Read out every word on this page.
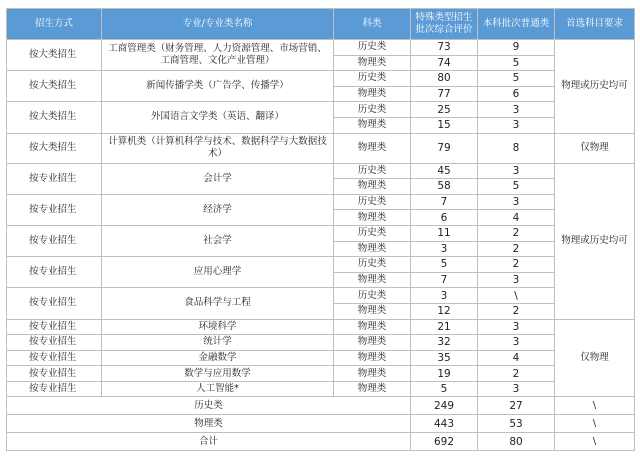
招生方式	专业/专业类名称	科类	特殊类型招生批次综合评价	本科批次普通类	首选科目要求
按大类招生	工商管理类（财务管理、人力资源管理、市场营销、工商管理、文化产业管理）	历史类	73	9	物理或历史均可
		物理类	74	5	
按大类招生	新闻传播学类（广告学、传播学）	历史类	80	5	
		物理类	77	6	
按大类招生	外国语言文学类（英语、翻译）	历史类	25	3	
		物理类	15	3	
按大类招生	计算机类（计算机科学与技术、数据科学与大数据技术）	物理类	79	8	仅物理
按专业招生	会计学	历史类	45	3	物理或历史均可
		物理类	58	5	
按专业招生	经济学	历史类	7	3	
		物理类	6	4	
按专业招生	社会学	历史类	11	2	
		物理类	3	2	
按专业招生	应用心理学	历史类	5	2	
		物理类	7	3	
按专业招生	食品科学与工程	历史类	3	\	
		物理类	12	2	
按专业招生	环境科学	物理类	21	3	仅物理
按专业招生	统计学	物理类	32	3	
按专业招生	金融数学	物理类	35	4	
按专业招生	数学与应用数学	物理类	19	2	
按专业招生	人工智能*	物理类	5	3	
历史类			249	27	\
物理类			443	53	\
合计			692	80	\
